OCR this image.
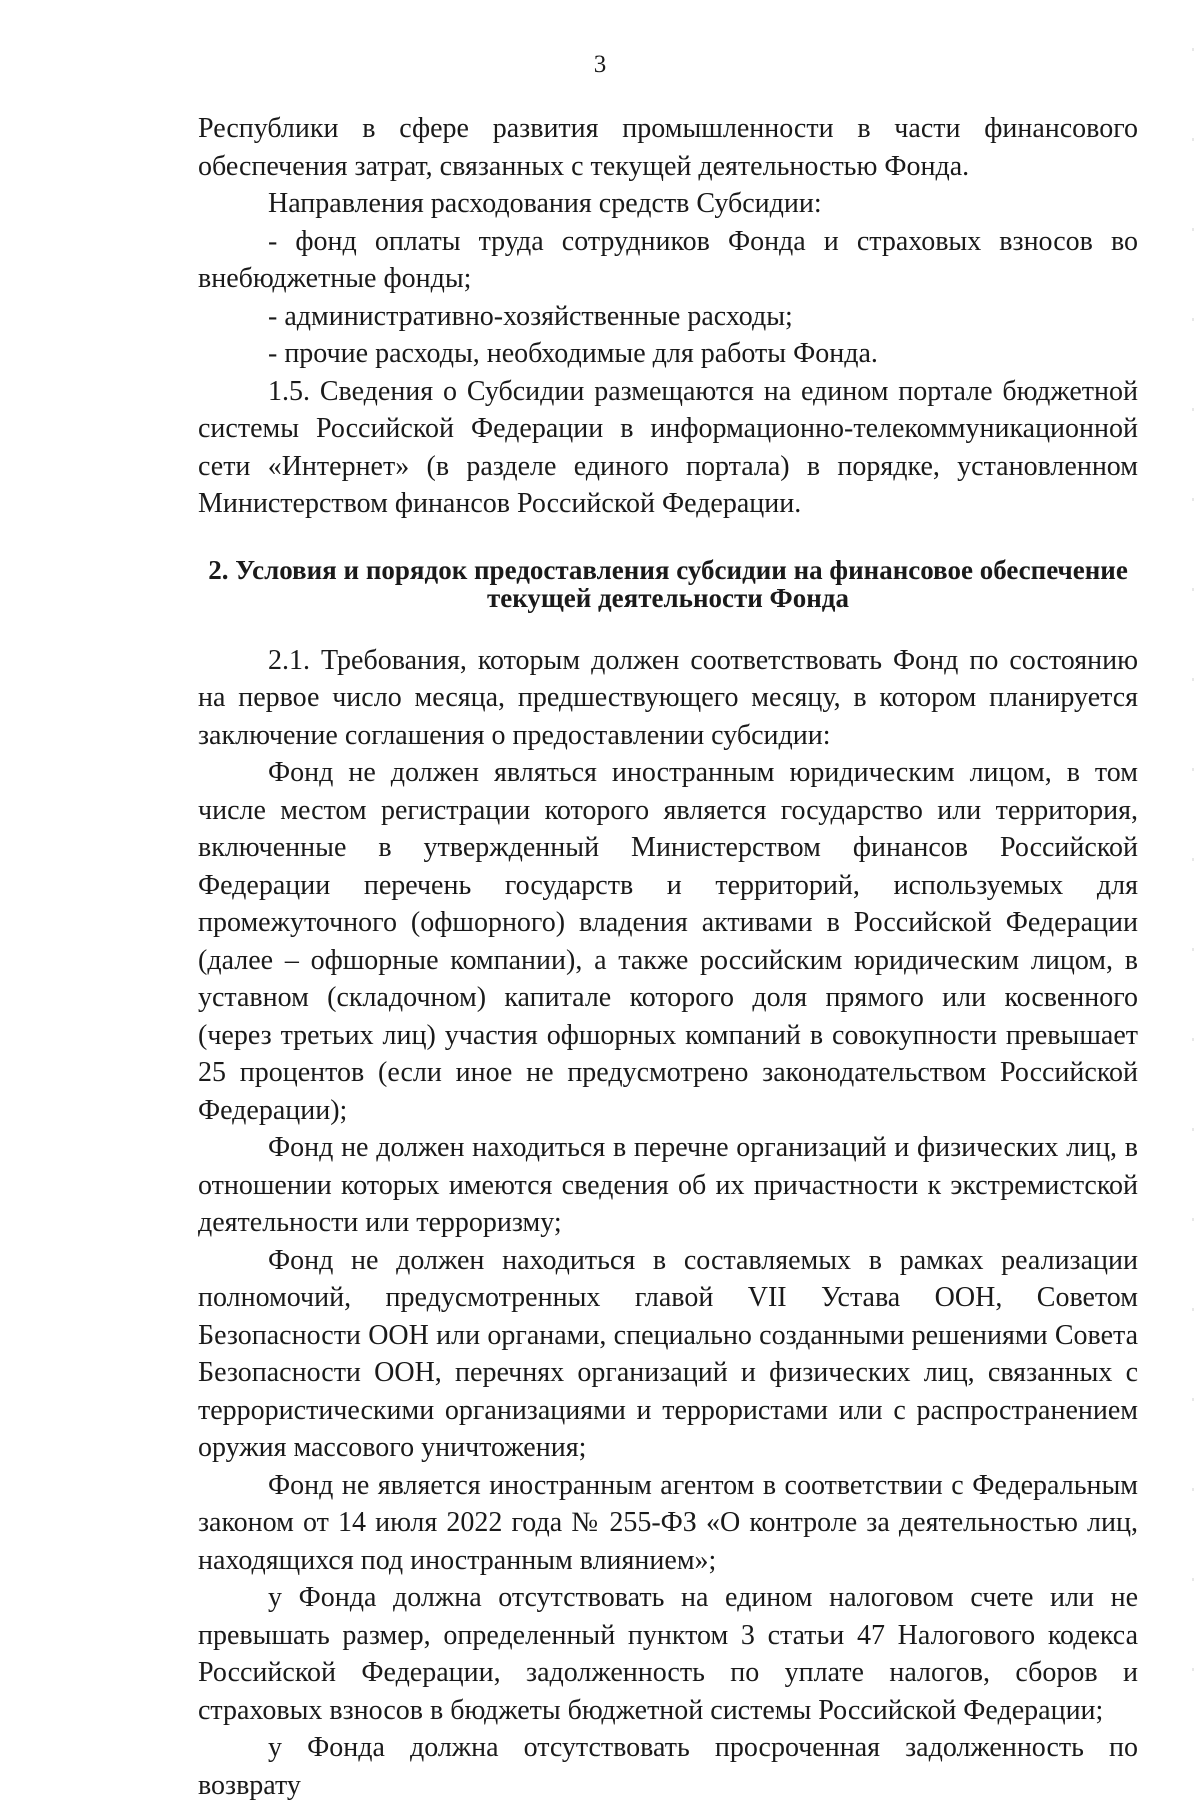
3

Республики в сфере развития промышленности в части финансового обеспечения затрат, связанных с текущей деятельностью Фонда.

Направления расходования средств Субсидии:

- фонд оплаты труда сотрудников Фонда и страховых взносов во внебюджетные фонды;

- административно-хозяйственные расходы;

- прочие расходы, необходимые для работы Фонда.

1.5. Сведения о Субсидии размещаются на едином портале бюджетной системы Российской Федерации в информационно-телекоммуникационной сети «Интернет» (в разделе единого портала) в порядке, установленном Министерством финансов Российской Федерации.

2. Условия и порядок предоставления субсидии на финансовое обеспечение текущей деятельности Фонда

2.1. Требования, которым должен соответствовать Фонд по состоянию на первое число месяца, предшествующего месяцу, в котором планируется заключение соглашения о предоставлении субсидии:

Фонд не должен являться иностранным юридическим лицом, в том числе местом регистрации которого является государство или территория, включенные в утвержденный Министерством финансов Российской Федерации перечень государств и территорий, используемых для промежуточного (офшорного) владения активами в Российской Федерации (далее – офшорные компании), а также российским юридическим лицом, в уставном (складочном) капитале которого доля прямого или косвенного (через третьих лиц) участия офшорных компаний в совокупности превышает 25 процентов (если иное не предусмотрено законодательством Российской Федерации);

Фонд не должен находиться в перечне организаций и физических лиц, в отношении которых имеются сведения об их причастности к экстремистской деятельности или терроризму;

Фонд не должен находиться в составляемых в рамках реализации полномочий, предусмотренных главой VII Устава ООН, Советом Безопасности ООН или органами, специально созданными решениями Совета Безопасности ООН, перечнях организаций и физических лиц, связанных с террористическими организациями и террористами или с распространением оружия массового уничтожения;

Фонд не является иностранным агентом в соответствии с Федеральным законом от 14 июля 2022 года № 255-ФЗ «О контроле за деятельностью лиц, находящихся под иностранным влиянием»;

у Фонда должна отсутствовать на едином налоговом счете или не превышать размер, определенный пунктом 3 статьи 47 Налогового кодекса Российской Федерации, задолженность по уплате налогов, сборов и страховых взносов в бюджеты бюджетной системы Российской Федерации;

у Фонда должна отсутствовать просроченная задолженность по возврату
